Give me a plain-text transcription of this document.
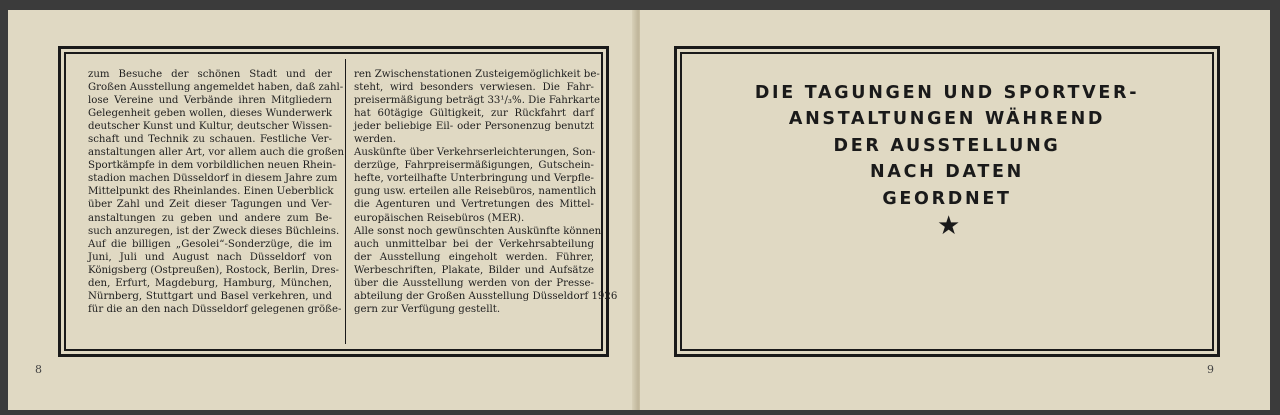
zum Besuche der schönen Stadt und der
Großen Ausstellung angemeldet haben, daß zahl-
lose Vereine und Verbände ihren Mitgliedern
Gelegenheit geben wollen, dieses Wunderwerk
deutscher Kunst und Kultur, deutscher Wissen-
schaft und Technik zu schauen. Festliche Ver-
anstaltungen aller Art, vor allem auch die großen
Sportkämpfe in dem vorbildlichen neuen Rhein-
stadion machen Düsseldorf in diesem Jahre zum
Mittelpunkt des Rheinlandes. Einen Ueberblick
über Zahl und Zeit dieser Tagungen und Ver-
anstaltungen zu geben und andere zum Be-
such anzuregen, ist der Zweck dieses Büchleins.
Auf die billigen „Gesolei“-Sonderzüge, die im
Juni, Juli und August nach Düsseldorf von
Königsberg (Ostpreußen), Rostock, Berlin, Dres-
den, Erfurt, Magdeburg, Hamburg, München,
Nürnberg, Stuttgart und Basel verkehren, und
für die an den nach Düsseldorf gelegenen größe-
ren Zwischenstationen Zusteigemöglichkeit be-
steht, wird besonders verwiesen. Die Fahr-
preisermäßigung beträgt 33¹/₃%. Die Fahrkarte
hat 60tägige Gültigkeit, zur Rückfahrt darf
jeder beliebige Eil- oder Personenzug benutzt
werden.
Auskünfte über Verkehrserleichterungen, Son-
derzüge, Fahrpreisermäßigungen, Gutschein-
hefte, vorteilhafte Unterbringung und Verpfle-
gung usw. erteilen alle Reisebüros, namentlich
die Agenturen und Vertretungen des Mittel-
europäischen Reisebüros (MER).
Alle sonst noch gewünschten Auskünfte können
auch unmittelbar bei der Verkehrsabteilung
der Ausstellung eingeholt werden. Führer,
Werbeschriften, Plakate, Bilder und Aufsätze
über die Ausstellung werden von der Presse-
abteilung der Großen Ausstellung Düsseldorf 1926
gern zur Verfügung gestellt.
8
DIE TAGUNGEN UND SPORTVER-
ANSTALTUNGEN WÄHREND
DER AUSSTELLUNG
NACH DATEN
GEORDNET
★
9
